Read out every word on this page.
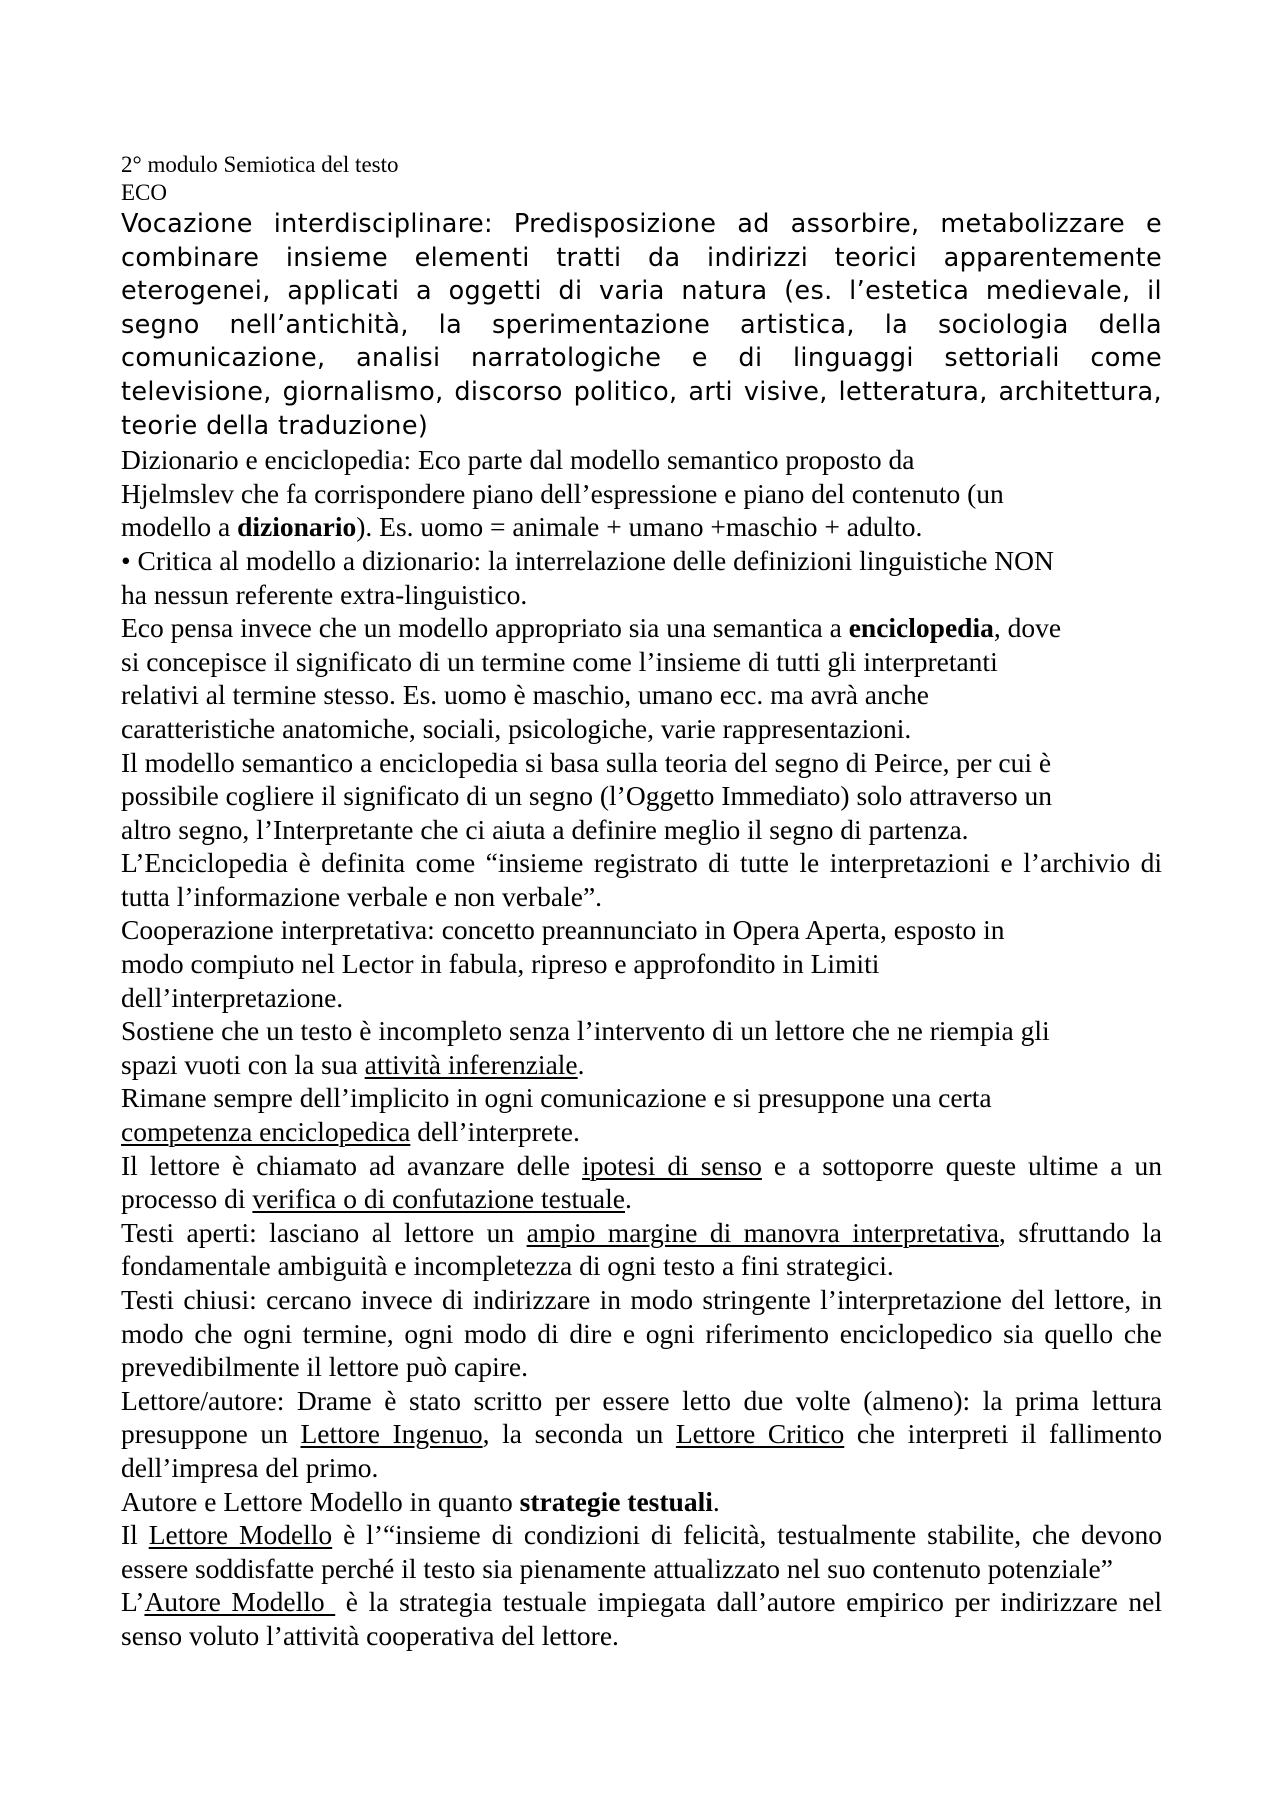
2° modulo Semiotica del testo
ECO

Vocazione interdisciplinare: Predisposizione ad assorbire, metabolizzare e combinare insieme elementi tratti da indirizzi teorici apparentemente eterogenei, applicati a oggetti di varia natura (es. l’estetica medievale, il segno nell’antichità, la sperimentazione artistica, la sociologia della comunicazione, analisi narratologiche e di linguaggi settoriali come televisione, giornalismo, discorso politico, arti visive, letteratura, architettura, teorie della traduzione)

Dizionario e enciclopedia: Eco parte dal modello semantico proposto da
Hjelmslev che fa corrispondere piano dell’espressione e piano del contenuto (un
modello a dizionario). Es. uomo = animale + umano +maschio + adulto.

• Critica al modello a dizionario: la interrelazione delle definizioni linguistiche NON
ha nessun referente extra-linguistico.

Eco pensa invece che un modello appropriato sia una semantica a enciclopedia, dove
si concepisce il significato di un termine come l’insieme di tutti gli interpretanti
relativi al termine stesso. Es. uomo è maschio, umano ecc. ma avrà anche
caratteristiche anatomiche, sociali, psicologiche, varie rappresentazioni.

Il modello semantico a enciclopedia si basa sulla teoria del segno di Peirce, per cui è
possibile cogliere il significato di un segno (l’Oggetto Immediato) solo attraverso un
altro segno, l’Interpretante che ci aiuta a definire meglio il segno di partenza.

L’Enciclopedia è definita come “insieme registrato di tutte le interpretazioni e l’archivio di tutta l’informazione verbale e non verbale”.

Cooperazione interpretativa: concetto preannunciato in Opera Aperta, esposto in
modo compiuto nel Lector in fabula, ripreso e approfondito in Limiti
dell’interpretazione.

Sostiene che un testo è incompleto senza l’intervento di un lettore che ne riempia gli
spazi vuoti con la sua attività inferenziale.

Rimane sempre dell’implicito in ogni comunicazione e si presuppone una certa
competenza enciclopedica dell’interprete.

Il lettore è chiamato ad avanzare delle ipotesi di senso e a sottoporre queste ultime a un processo di verifica o di confutazione testuale.

Testi aperti: lasciano al lettore un ampio margine di manovra interpretativa, sfruttando la fondamentale ambiguità e incompletezza di ogni testo a fini strategici.

Testi chiusi: cercano invece di indirizzare in modo stringente l’interpretazione del lettore, in modo che ogni termine, ogni modo di dire e ogni riferimento enciclopedico sia quello che prevedibilmente il lettore può capire.

Lettore/autore: Drame è stato scritto per essere letto due volte (almeno): la prima lettura presuppone un Lettore Ingenuo, la seconda un Lettore Critico che interpreti il fallimento dell’impresa del primo.

Autore e Lettore Modello in quanto strategie testuali.

Il Lettore Modello è l’“insieme di condizioni di felicità, testualmente stabilite, che devono essere soddisfatte perché il testo sia pienamente attualizzato nel suo contenuto potenziale”

L’Autore Modello  è la strategia testuale impiegata dall’autore empirico per indirizzare nel senso voluto l’attività cooperativa del lettore.
